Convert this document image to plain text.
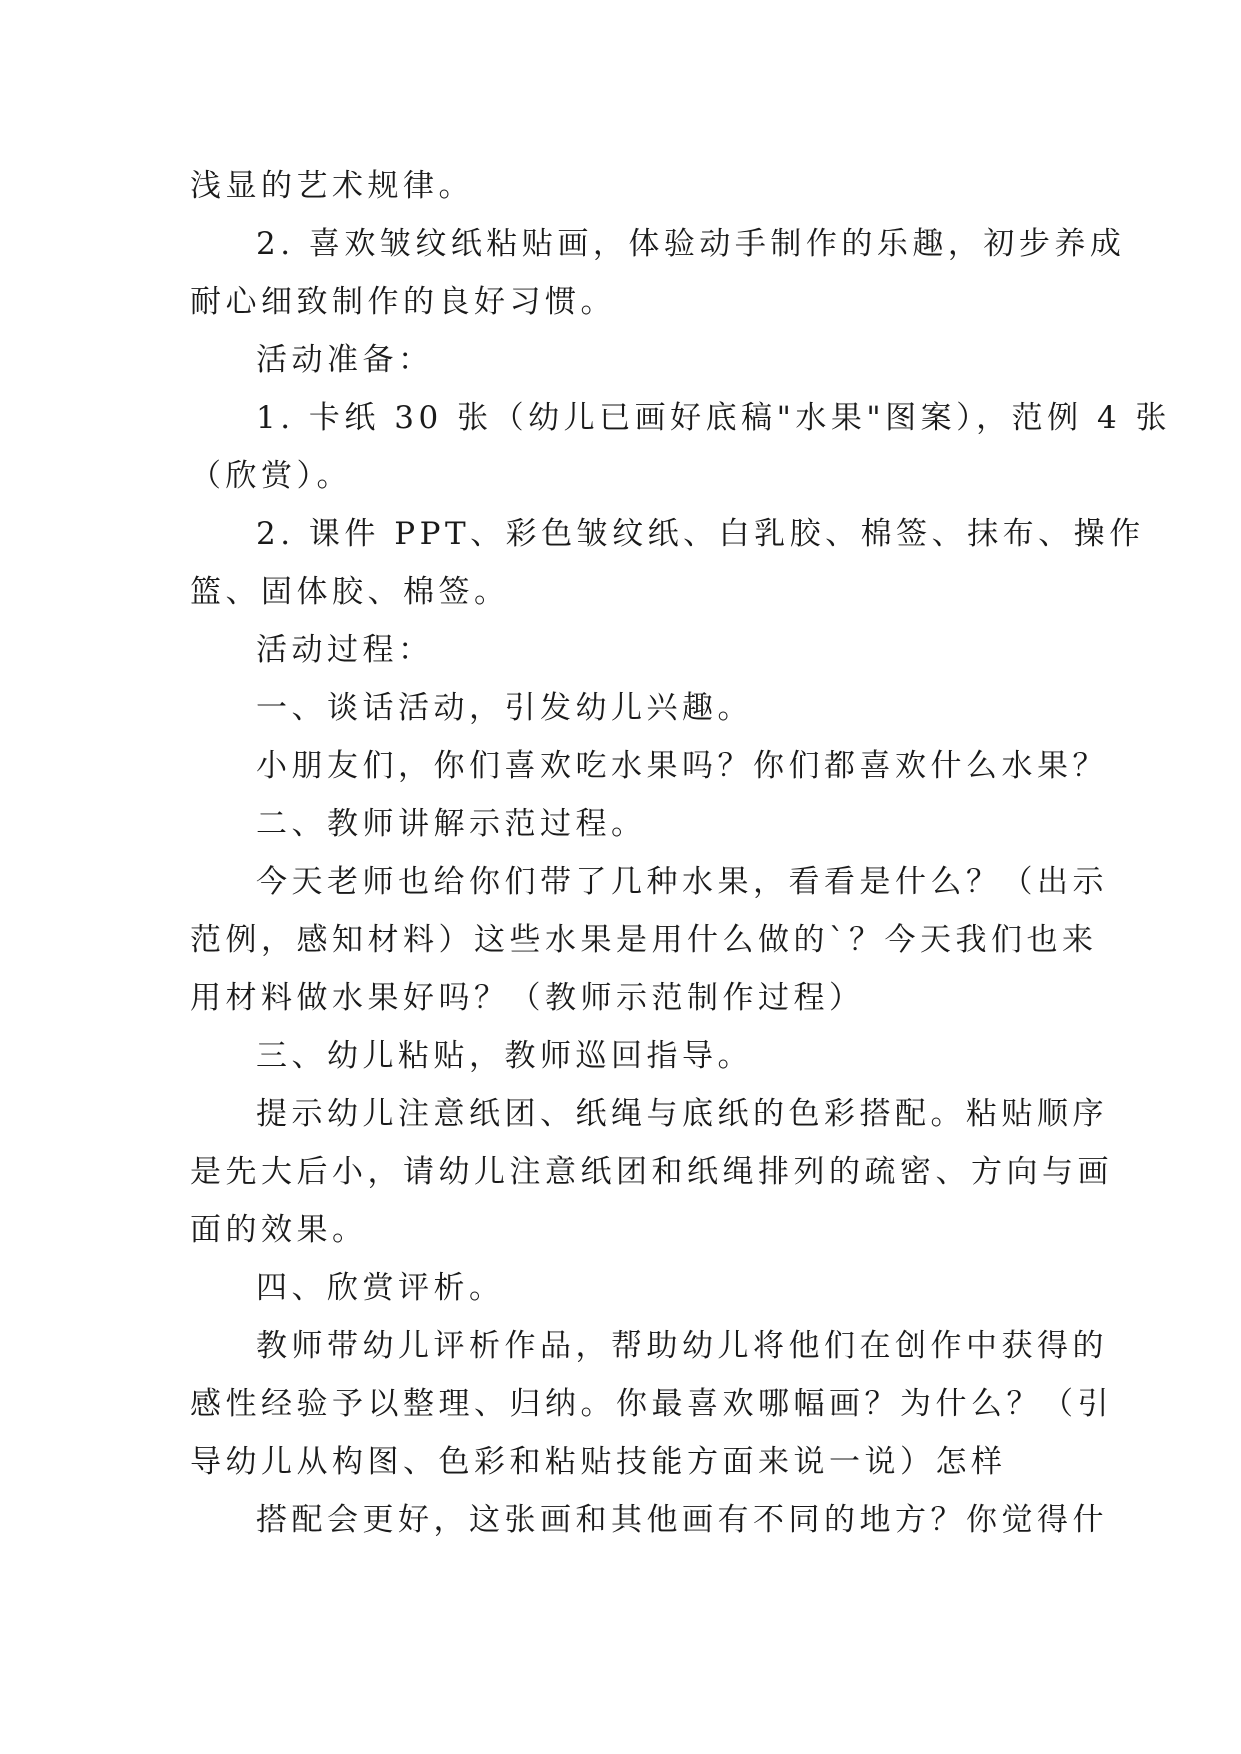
浅显的艺术规律。
2. 喜欢皱纹纸粘贴画，体验动手制作的乐趣，初步养成
耐心细致制作的良好习惯。
活动准备：
1. 卡纸 30 张（幼儿已画好底稿"水果"图案），范例 4 张
（欣赏）。
2. 课件 PPT、彩色皱纹纸、白乳胶、棉签、抹布、操作
篮、固体胶、棉签。
活动过程：
一、谈话活动，引发幼儿兴趣。
小朋友们，你们喜欢吃水果吗？你们都喜欢什么水果？
二、教师讲解示范过程。
今天老师也给你们带了几种水果，看看是什么？（出示
范例，感知材料）这些水果是用什么做的`？今天我们也来
用材料做水果好吗？（教师示范制作过程）
三、幼儿粘贴，教师巡回指导。
提示幼儿注意纸团、纸绳与底纸的色彩搭配。粘贴顺序
是先大后小，请幼儿注意纸团和纸绳排列的疏密、方向与画
面的效果。
四、欣赏评析。
教师带幼儿评析作品，帮助幼儿将他们在创作中获得的
感性经验予以整理、归纳。你最喜欢哪幅画？为什么？（引
导幼儿从构图、色彩和粘贴技能方面来说一说）怎样
搭配会更好，这张画和其他画有不同的地方？你觉得什
